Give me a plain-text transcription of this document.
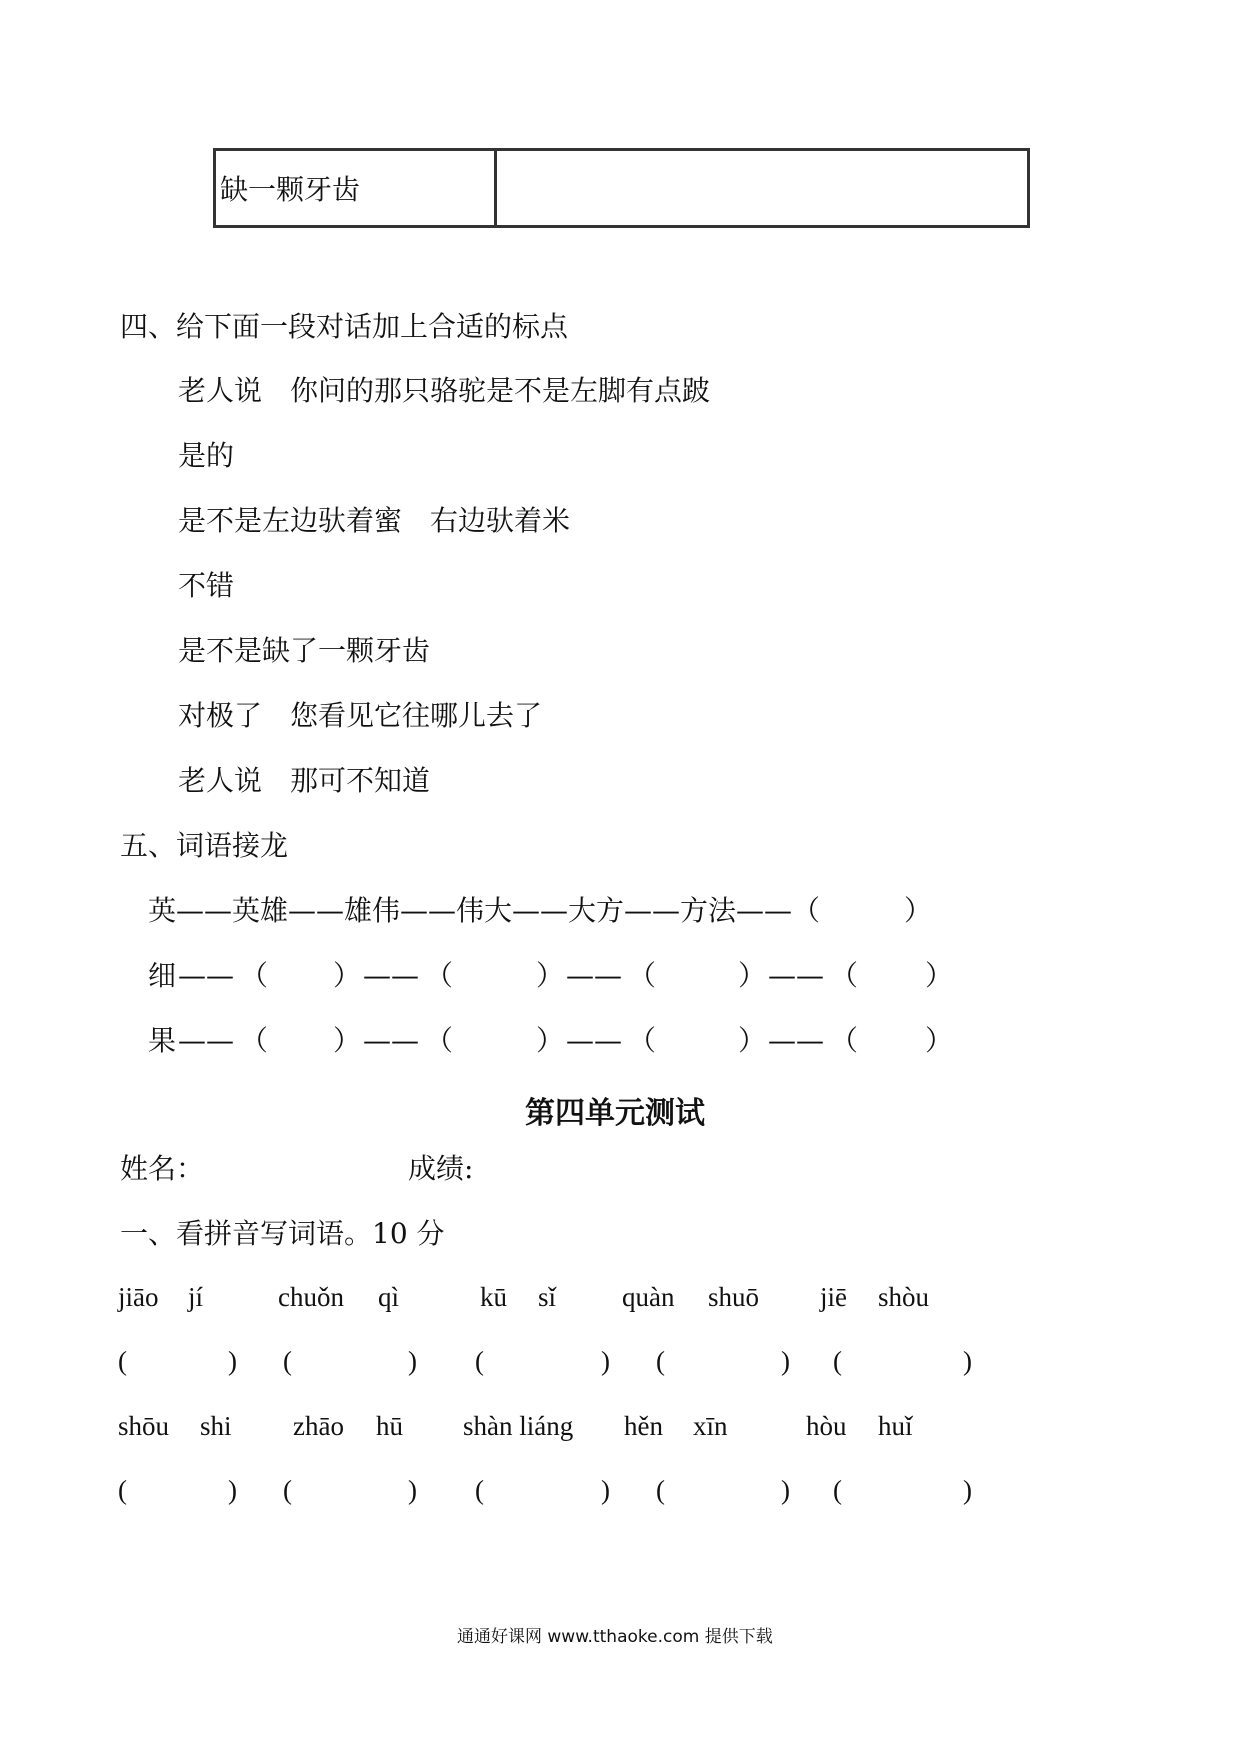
缺一颗牙齿	
四、给下面一段对话加上合适的标点
老人说　你问的那只骆驼是不是左脚有点跛
是的
是不是左边驮着蜜　右边驮着米
不错
是不是缺了一颗牙齿
对极了　您看见它往哪儿去了
老人说　那可不知道
五、词语接龙
英——英雄——雄伟——伟大——大方——方法——（　　　）
细 —— （ ） —— （	） —— （	） —— （ ）
果 —— （ ） —— （	） —— （	） —— （ ）
第四单元测试
姓名：	成绩:
一、看拼音写词语。10 分
jiāo jí	chuǒn qì	kū sǐ quàn shuō jiē shòu
(	) (	) (	) (	) (	)
shōu shi zhāo hū shàn liáng hěn xīn	hòu huǐ
(	) (	) (	) (	) (	)
通通好课网 www.tthaoke.com 提供下载
